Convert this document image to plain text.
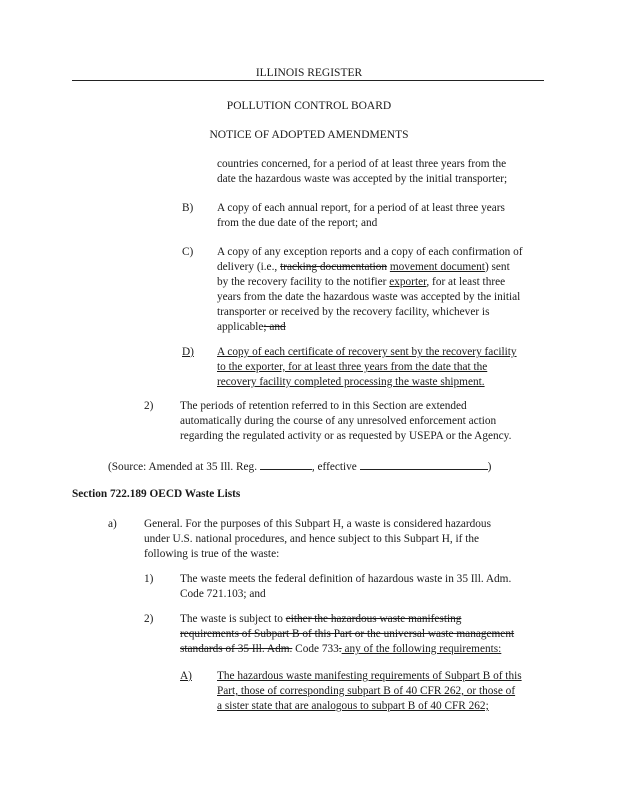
ILLINOIS REGISTER
POLLUTION CONTROL BOARD
NOTICE OF ADOPTED AMENDMENTS
countries concerned, for a period of at least three years from the
date the hazardous waste was accepted by the initial transporter;
B) A copy of each annual report, for a period of at least three years
from the due date of the report; and
C) A copy of any exception reports and a copy of each confirmation of
delivery (i.e., tracking documentation movement document) sent
by the recovery facility to the notifier exporter, for at least three
years from the date the hazardous waste was accepted by the initial
transporter or received by the recovery facility, whichever is
applicable; and
D) A copy of each certificate of recovery sent by the recovery facility
to the exporter, for at least three years from the date that the
recovery facility completed processing the waste shipment.
2) The periods of retention referred to in this Section are extended
automatically during the course of any unresolved enforcement action
regarding the regulated activity or as requested by USEPA or the Agency.
(Source: Amended at 35 Ill. Reg.	, effective	)
Section 722.189 OECD Waste Lists
a) General. For the purposes of this Subpart H, a waste is considered hazardous
under U.S. national procedures, and hence subject to this Subpart H, if the
following is true of the waste:
1) The waste meets the federal definition of hazardous waste in 35 Ill. Adm.
Code 721.103; and
2) The waste is subject to either the hazardous waste manifesting
requirements of Subpart B of this Part or the universal waste management
standards of 35 Ill. Adm. Code 733. any of the following requirements:
A) The hazardous waste manifesting requirements of Subpart B of this
Part, those of corresponding subpart B of 40 CFR 262, or those of
a sister state that are analogous to subpart B of 40 CFR 262;
